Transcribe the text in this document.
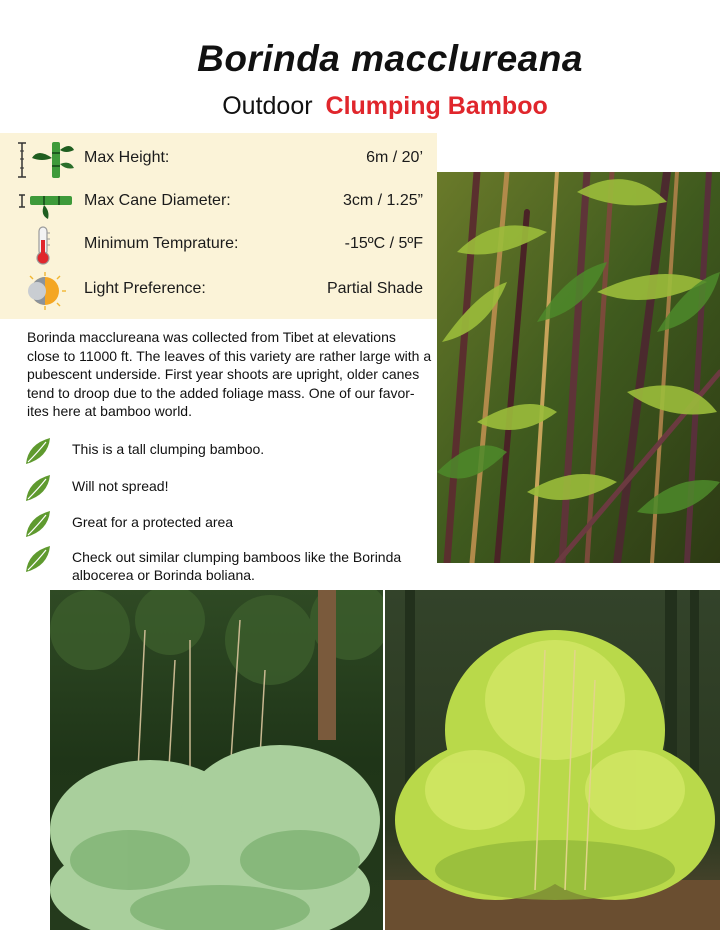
Borinda macclureana
Outdoor Clumping Bamboo
Max Height:	6m / 20’
Max Cane Diameter:	3cm / 1.25”
Minimum Temprature:	-15ºC / 5ºF
Light Preference:	Partial Shade
Borinda macclureana was collected from Tibet at elevations close to 11000 ft. The leaves of this variety are rather large with a pubescent underside. First year shoots are upright, older canes tend to droop due to the added foliage mass. One of our favor-ites here at bamboo world.
This is a tall clumping bamboo.
Will not spread!
Great for a protected area
Check out similar clumping bamboos like the Borinda albocerea or Borinda boliana.
